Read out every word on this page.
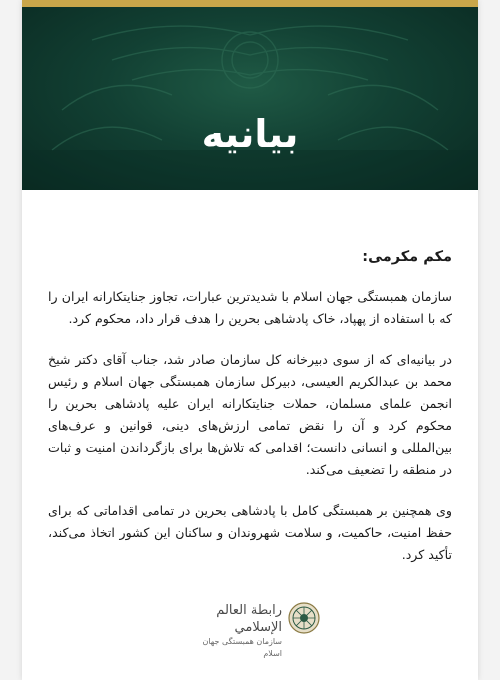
بیانیه

مکم مکرمی:

سازمان همبستگی جهان اسلام با شدیدترین عبارات، تجاوز جنایتکارانه ایران را که با استفاده از پهپاد، خاک پادشاهی بحرین را هدف قرار داد، محکوم کرد.

در بیانیه‌ای که از سوی دبیرخانه کل سازمان صادر شد، جناب آقای دکتر شیخ محمد بن عبدالکریم العیسی، دبیرکل سازمان همبستگی جهان اسلام و رئیس انجمن علمای مسلمان، حملات جنایتکارانه ایران علیه پادشاهی بحرین را محکوم کرد و آن را نقض تمامی ارزش‌های دینی، قوانین و عرف‌های بین‌المللی و انسانی دانست؛ اقدامی که تلاش‌ها برای بازگرداندن امنیت و ثبات در منطقه را تضعیف می‌کند.

وی همچنین بر همبستگی کامل با پادشاهی بحرین در تمامی اقداماتی که برای حفظ امنیت، حاکمیت، و سلامت شهروندان و ساکنان این کشور اتخاذ می‌کند، تأکید کرد.

رابطة العالم الإسلامي
سازمان همبستگی جهان اسلام
